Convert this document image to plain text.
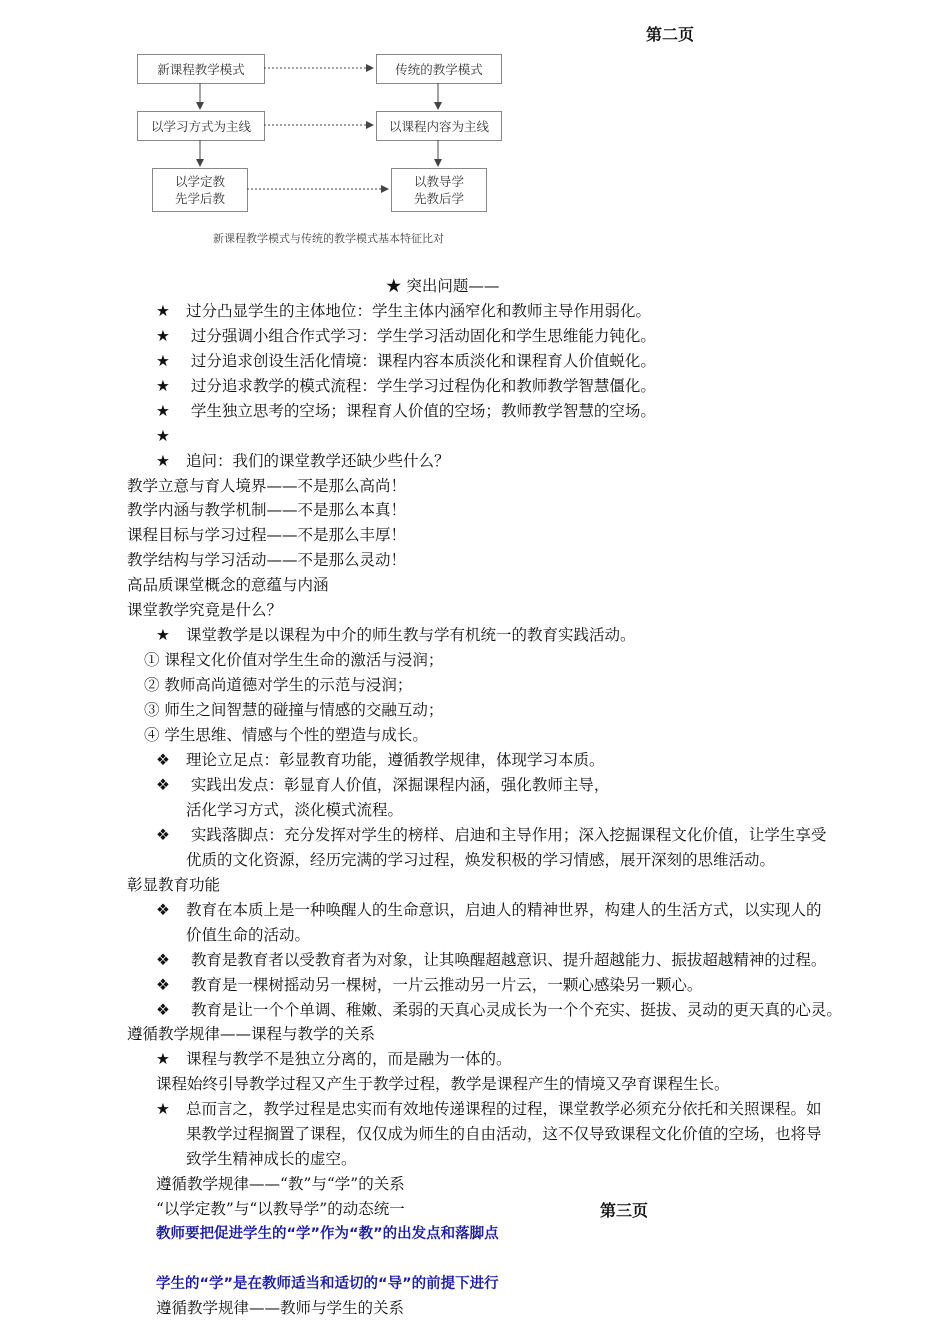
第二页
新课程教学模式	传统的教学模式
以学习方式为主线	以课程内容为主线
以学定教
先学后教
以教导学
先教后学
新课程教学模式与传统的教学模式基本特征比对
★ 突出问题——
★ 过分凸显学生的主体地位：学生主体内涵窄化和教师主导作用弱化。
★ 过分强调小组合作式学习：学生学习活动固化和学生思维能力钝化。
★ 过分追求创设生活化情境：课程内容本质淡化和课程育人价值蜕化。
★ 过分追求教学的模式流程：学生学习过程伪化和教师教学智慧僵化。
★ 学生独立思考的空场；课程育人价值的空场；教师教学智慧的空场。
★
★ 追问：我们的课堂教学还缺少些什么？
教学立意与育人境界——不是那么高尚！
教学内涵与教学机制——不是那么本真！
课程目标与学习过程——不是那么丰厚！
教学结构与学习活动——不是那么灵动！
高品质课堂概念的意蕴与内涵
课堂教学究竟是什么？
★ 课堂教学是以课程为中介的师生教与学有机统一的教育实践活动。
① 课程文化价值对学生生命的激活与浸润；
② 教师高尚道德对学生的示范与浸润；
③ 师生之间智慧的碰撞与情感的交融互动；
④ 学生思维、情感与个性的塑造与成长。
❖ 理论立足点：彰显教育功能，遵循教学规律，体现学习本质。
❖ 实践出发点：彰显育人价值，深掘课程内涵，强化教师主导，
活化学习方式，淡化模式流程。
❖ 实践落脚点：充分发挥对学生的榜样、启迪和主导作用；深入挖掘课程文化价值，让学生享受
优质的文化资源，经历完满的学习过程，焕发积极的学习情感，展开深刻的思维活动。
彰显教育功能
❖ 教育在本质上是一种唤醒人的生命意识，启迪人的精神世界，构建人的生活方式，以实现人的
价值生命的活动。
❖ 教育是教育者以受教育者为对象，让其唤醒超越意识、提升超越能力、振拔超越精神的过程。
❖ 教育是一棵树摇动另一棵树，一片云推动另一片云，一颗心感染另一颗心。
❖ 教育是让一个个单调、稚嫩、柔弱的天真心灵成长为一个个充实、挺拔、灵动的更天真的心灵。
遵循教学规律——课程与教学的关系
★ 课程与教学不是独立分离的，而是融为一体的。
课程始终引导教学过程又产生于教学过程，教学是课程产生的情境又孕育课程生长。
★ 总而言之，教学过程是忠实而有效地传递课程的过程，课堂教学必须充分依托和关照课程。如
果教学过程搁置了课程，仅仅成为师生的自由活动，这不仅导致课程文化价值的空场，也将导
致学生精神成长的虚空。
遵循教学规律——“教”与“学”的关系
“以学定教”与“以教导学”的动态统一	第三页
教师要把促进学生的“学”作为“教”的出发点和落脚点
学生的“学”是在教师适当和适切的“导”的前提下进行
遵循教学规律——教师与学生的关系
